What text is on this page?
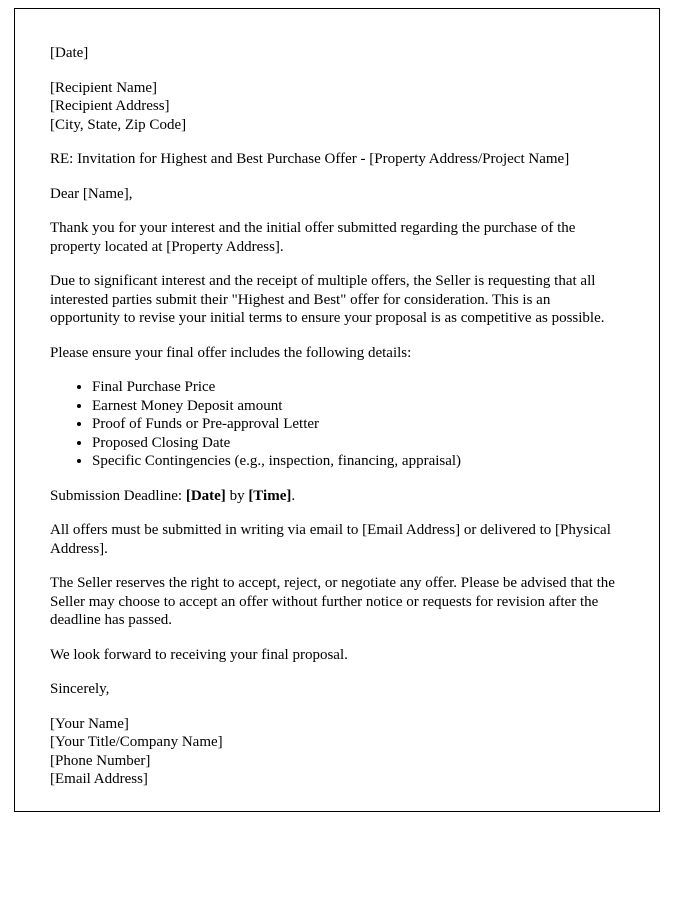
[Date]

[Recipient Name]
[Recipient Address]
[City, State, Zip Code]

RE: Invitation for Highest and Best Purchase Offer - [Property Address/Project Name]

Dear [Name],

Thank you for your interest and the initial offer submitted regarding the purchase of the property located at [Property Address].

Due to significant interest and the receipt of multiple offers, the Seller is requesting that all interested parties submit their "Highest and Best" offer for consideration. This is an opportunity to revise your initial terms to ensure your proposal is as competitive as possible.

Please ensure your final offer includes the following details:

• Final Purchase Price
• Earnest Money Deposit amount
• Proof of Funds or Pre-approval Letter
• Proposed Closing Date
• Specific Contingencies (e.g., inspection, financing, appraisal)

Submission Deadline: [Date] by [Time].

All offers must be submitted in writing via email to [Email Address] or delivered to [Physical Address].

The Seller reserves the right to accept, reject, or negotiate any offer. Please be advised that the Seller may choose to accept an offer without further notice or requests for revision after the deadline has passed.

We look forward to receiving your final proposal.

Sincerely,

[Your Name]
[Your Title/Company Name]
[Phone Number]
[Email Address]
